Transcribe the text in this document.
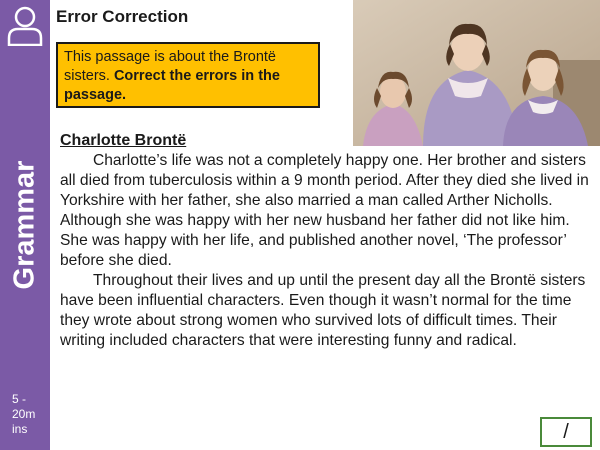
Grammar
5 - 20m ins
Error Correction
This passage is about the Brontë sisters. Correct the errors in the passage.
Charlotte Brontë

Charlotte’s life was not a completely happy one. Her brother and sisters all died from tuberculosis within a 9 month period. After they died she lived in Yorkshire with her father, she also married a man called Arther Nicholls. Although she was happy with her new husband her father did not like him. She was happy with her life, and published another novel, ‘The professor’ before she died.

Throughout their lives and up until the present day all the Brontë sisters have been influential characters. Even though it wasn’t normal for the time they wrote about strong women who survived lots of difficult times. Their writing included characters that were interesting funny and radical.

/
